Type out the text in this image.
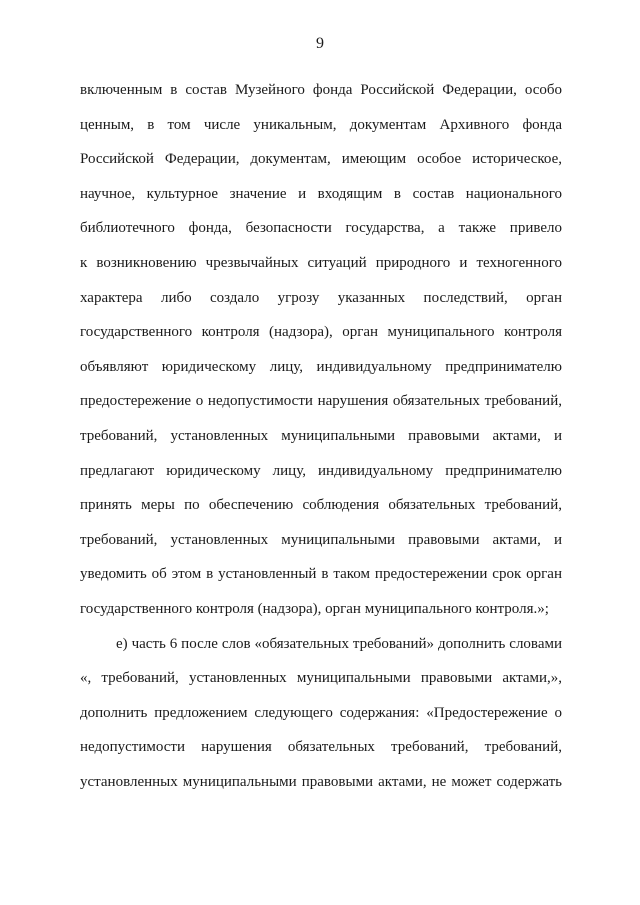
9
включенным в состав Музейного фонда Российской Федерации, особо
ценным, в том числе уникальным, документам Архивного фонда
Российской Федерации, документам, имеющим особое историческое,
научное, культурное значение и входящим в состав национального
библиотечного фонда, безопасности государства, а также привело
к возникновению чрезвычайных ситуаций природного и техногенного
характера либо создало угрозу указанных последствий, орган
государственного контроля (надзора), орган муниципального контроля
объявляют юридическому лицу, индивидуальному предпринимателю
предостережение о недопустимости нарушения обязательных требований,
требований, установленных муниципальными правовыми актами, и
предлагают юридическому лицу, индивидуальному предпринимателю
принять меры по обеспечению соблюдения обязательных требований,
требований, установленных муниципальными правовыми актами, и
уведомить об этом в установленный в таком предостережении срок орган
государственного контроля (надзора), орган муниципального контроля.»;
е) часть 6 после слов «обязательных требований» дополнить словами
«, требований, установленных муниципальными правовыми актами,»,
дополнить предложением следующего содержания: «Предостережение о
недопустимости нарушения обязательных требований, требований,
установленных муниципальными правовыми актами, не может содержать
